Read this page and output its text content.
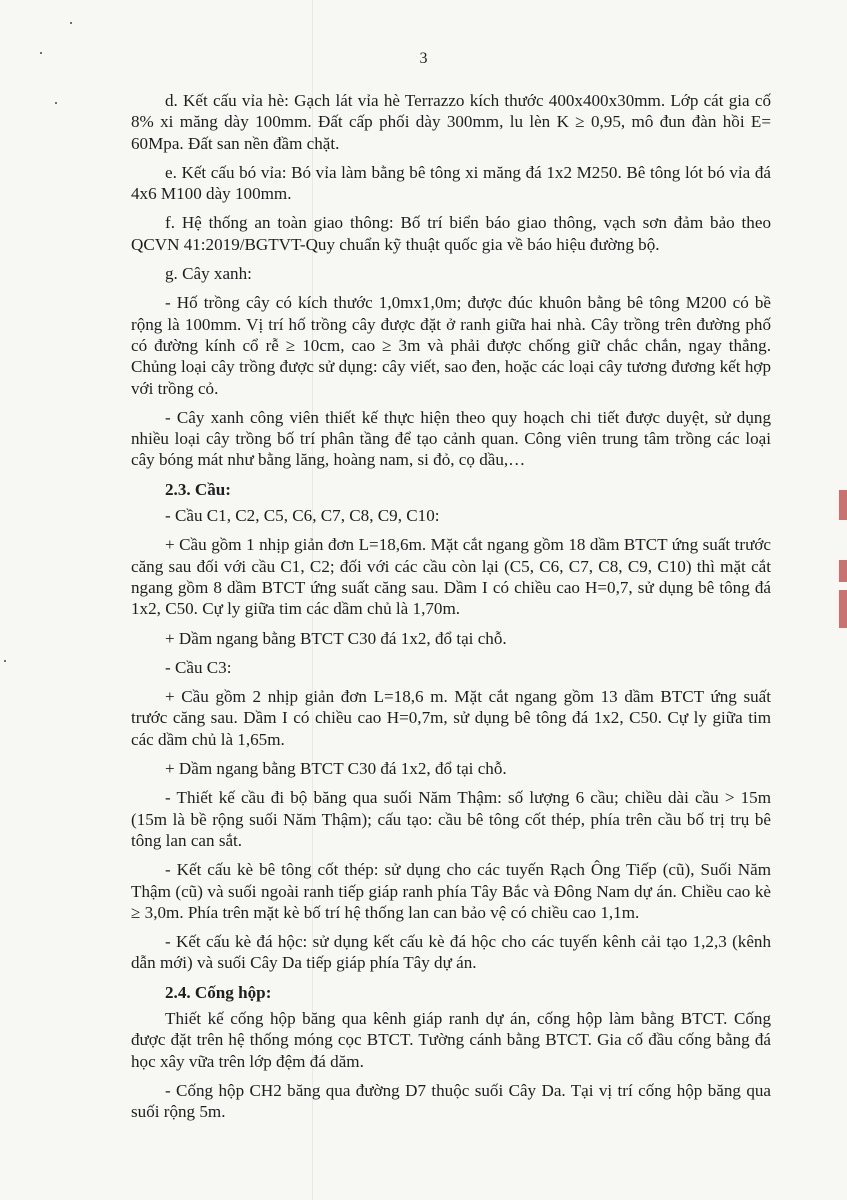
3

d. Kết cấu vỉa hè: Gạch lát vỉa hè Terrazzo kích thước 400x400x30mm. Lớp cát gia cố 8% xi măng dày 100mm. Đất cấp phối dày 300mm, lu lèn K ≥ 0,95, mô đun đàn hồi E= 60Mpa. Đất san nền đầm chặt.

e. Kết cấu bó vỉa: Bó vỉa làm bằng bê tông xi măng đá 1x2 M250. Bê tông lót bó vỉa đá 4x6 M100 dày 100mm.

f. Hệ thống an toàn giao thông: Bố trí biển báo giao thông, vạch sơn đảm bảo theo QCVN 41:2019/BGTVT-Quy chuẩn kỹ thuật quốc gia về báo hiệu đường bộ.

g. Cây xanh:

- Hố trồng cây có kích thước 1,0mx1,0m; được đúc khuôn bằng bê tông M200 có bề rộng là 100mm. Vị trí hố trồng cây được đặt ở ranh giữa hai nhà. Cây trồng trên đường phố có đường kính cổ rễ ≥ 10cm, cao ≥ 3m và phải được chống giữ chắc chắn, ngay thẳng. Chủng loại cây trồng được sử dụng: cây viết, sao đen, hoặc các loại cây tương đương kết hợp với trồng cỏ.

- Cây xanh công viên thiết kế thực hiện theo quy hoạch chi tiết được duyệt, sử dụng nhiều loại cây trồng bố trí phân tầng để tạo cảnh quan. Công viên trung tâm trồng các loại cây bóng mát như bằng lăng, hoàng nam, si đỏ, cọ dầu,…

2.3. Cầu:

- Cầu C1, C2, C5, C6, C7, C8, C9, C10:

+ Cầu gồm 1 nhịp giản đơn L=18,6m. Mặt cắt ngang gồm 18 dầm BTCT ứng suất trước căng sau đối với cầu C1, C2; đối với các cầu còn lại (C5, C6, C7, C8, C9, C10) thì mặt cắt ngang gồm 8 dầm BTCT ứng suất căng sau. Dầm I có chiều cao H=0,7, sử dụng bê tông đá 1x2, C50. Cự ly giữa tim các dầm chủ là 1,70m.

+ Dầm ngang bằng BTCT C30 đá 1x2, đổ tại chỗ.

- Cầu C3:

+ Cầu gồm 2 nhịp giản đơn L=18,6 m. Mặt cắt ngang gồm 13 dầm BTCT ứng suất trước căng sau. Dầm I có chiều cao H=0,7m, sử dụng bê tông đá 1x2, C50. Cự ly giữa tim các dầm chủ là 1,65m.

+ Dầm ngang bằng BTCT C30 đá 1x2, đổ tại chỗ.

- Thiết kế cầu đi bộ băng qua suối Năm Thậm: số lượng 6 cầu; chiều dài cầu > 15m (15m là bề rộng suối Năm Thậm); cấu tạo: cầu bê tông cốt thép, phía trên cầu bố trị trụ bê tông lan can sắt.

- Kết cấu kè bê tông cốt thép: sử dụng cho các tuyến Rạch Ông Tiếp (cũ), Suối Năm Thậm (cũ) và suối ngoài ranh tiếp giáp ranh phía Tây Bắc và Đông Nam dự án. Chiều cao kè ≥ 3,0m. Phía trên mặt kè bố trí hệ thống lan can bảo vệ có chiều cao 1,1m.

- Kết cấu kè đá hộc: sử dụng kết cấu kè đá hộc cho các tuyến kênh cải tạo 1,2,3 (kênh dẫn mới) và suối Cây Da tiếp giáp phía Tây dự án.

2.4. Cống hộp:

Thiết kế cống hộp băng qua kênh giáp ranh dự án, cống hộp làm bằng BTCT. Cống được đặt trên hệ thống móng cọc BTCT. Tường cánh bằng BTCT. Gia cố đầu cống bằng đá học xây vữa trên lớp đệm đá dăm.

- Cống hộp CH2 băng qua đường D7 thuộc suối Cây Da. Tại vị trí cống hộp băng qua suối rộng 5m.
